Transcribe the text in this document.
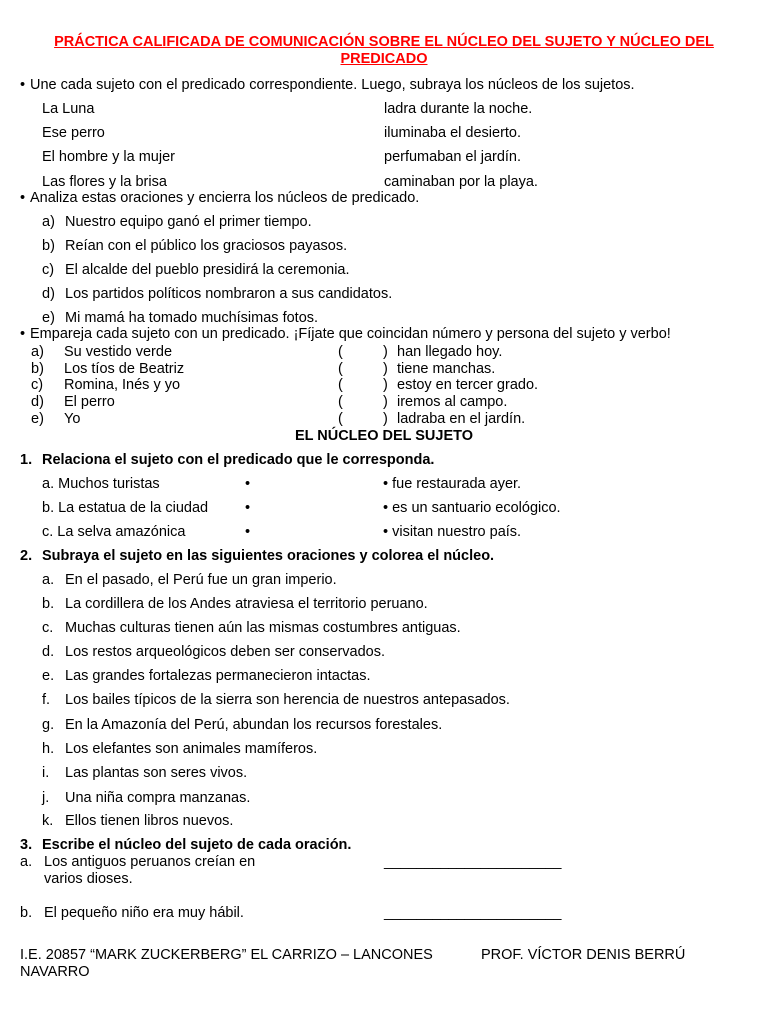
PRÁCTICA CALIFICADA DE COMUNICACIÓN SOBRE EL NÚCLEO DEL SUJETO Y NÚCLEO DEL PREDICADO
• Une cada sujeto con el predicado correspondiente. Luego, subraya los núcleos de los sujetos.
La Luna	ladra durante la noche.
Ese perro	iluminaba el desierto.
El hombre y la mujer	perfumaban el jardín.
Las flores y la brisa	caminaban por la playa.
• Analiza estas oraciones y encierra los núcleos de predicado.
a) Nuestro equipo ganó el primer tiempo.
b) Reían con el público los graciosos payasos.
c) El alcalde del pueblo presidirá la ceremonia.
d) Los partidos políticos nombraron a sus candidatos.
e) Mi mamá ha tomado muchísimas fotos.
• Empareja cada sujeto con un predicado. ¡Fíjate que coincidan número y persona del sujeto y verbo!
a) Su vestido verde	(	) han llegado hoy.
b) Los tíos de Beatriz	(	) tiene manchas.
c) Romina, Inés y yo	(	) estoy en tercer grado.
d) El perro	(	) iremos al campo.
e) Yo	(	) ladraba en el jardín.
EL NÚCLEO DEL SUJETO
1. Relaciona el sujeto con el predicado que le corresponda.
a. Muchos turistas	•	• fue restaurada ayer.
b. La estatua de la ciudad	•	• es un santuario ecológico.
c. La selva amazónica	•	• visitan nuestro país.
2. Subraya el sujeto en las siguientes oraciones y colorea el núcleo.
a. En el pasado, el Perú fue un gran imperio.
b. La cordillera de los Andes atraviesa el territorio peruano.
c. Muchas culturas tienen aún las mismas costumbres antiguas.
d. Los restos arqueológicos deben ser conservados.
e. Las grandes fortalezas permanecieron intactas.
f. Los bailes típicos de la sierra son herencia de nuestros antepasados.
g. En la Amazonía del Perú, abundan los recursos forestales.
h. Los elefantes son animales mamíferos.
i. Las plantas son seres vivos.
j. Una niña compra manzanas.
k. Ellos tienen libros nuevos.
3. Escribe el núcleo del sujeto de cada oración.
a. Los antiguos peruanos creían en
varios dioses.
______________________
b. El pequeño niño era muy hábil.	______________________
I.E. 20857 “MARK ZUCKERBERG” EL CARRIZO – LANCONES	PROF. VÍCTOR DENIS BERRÚ
NAVARRO
